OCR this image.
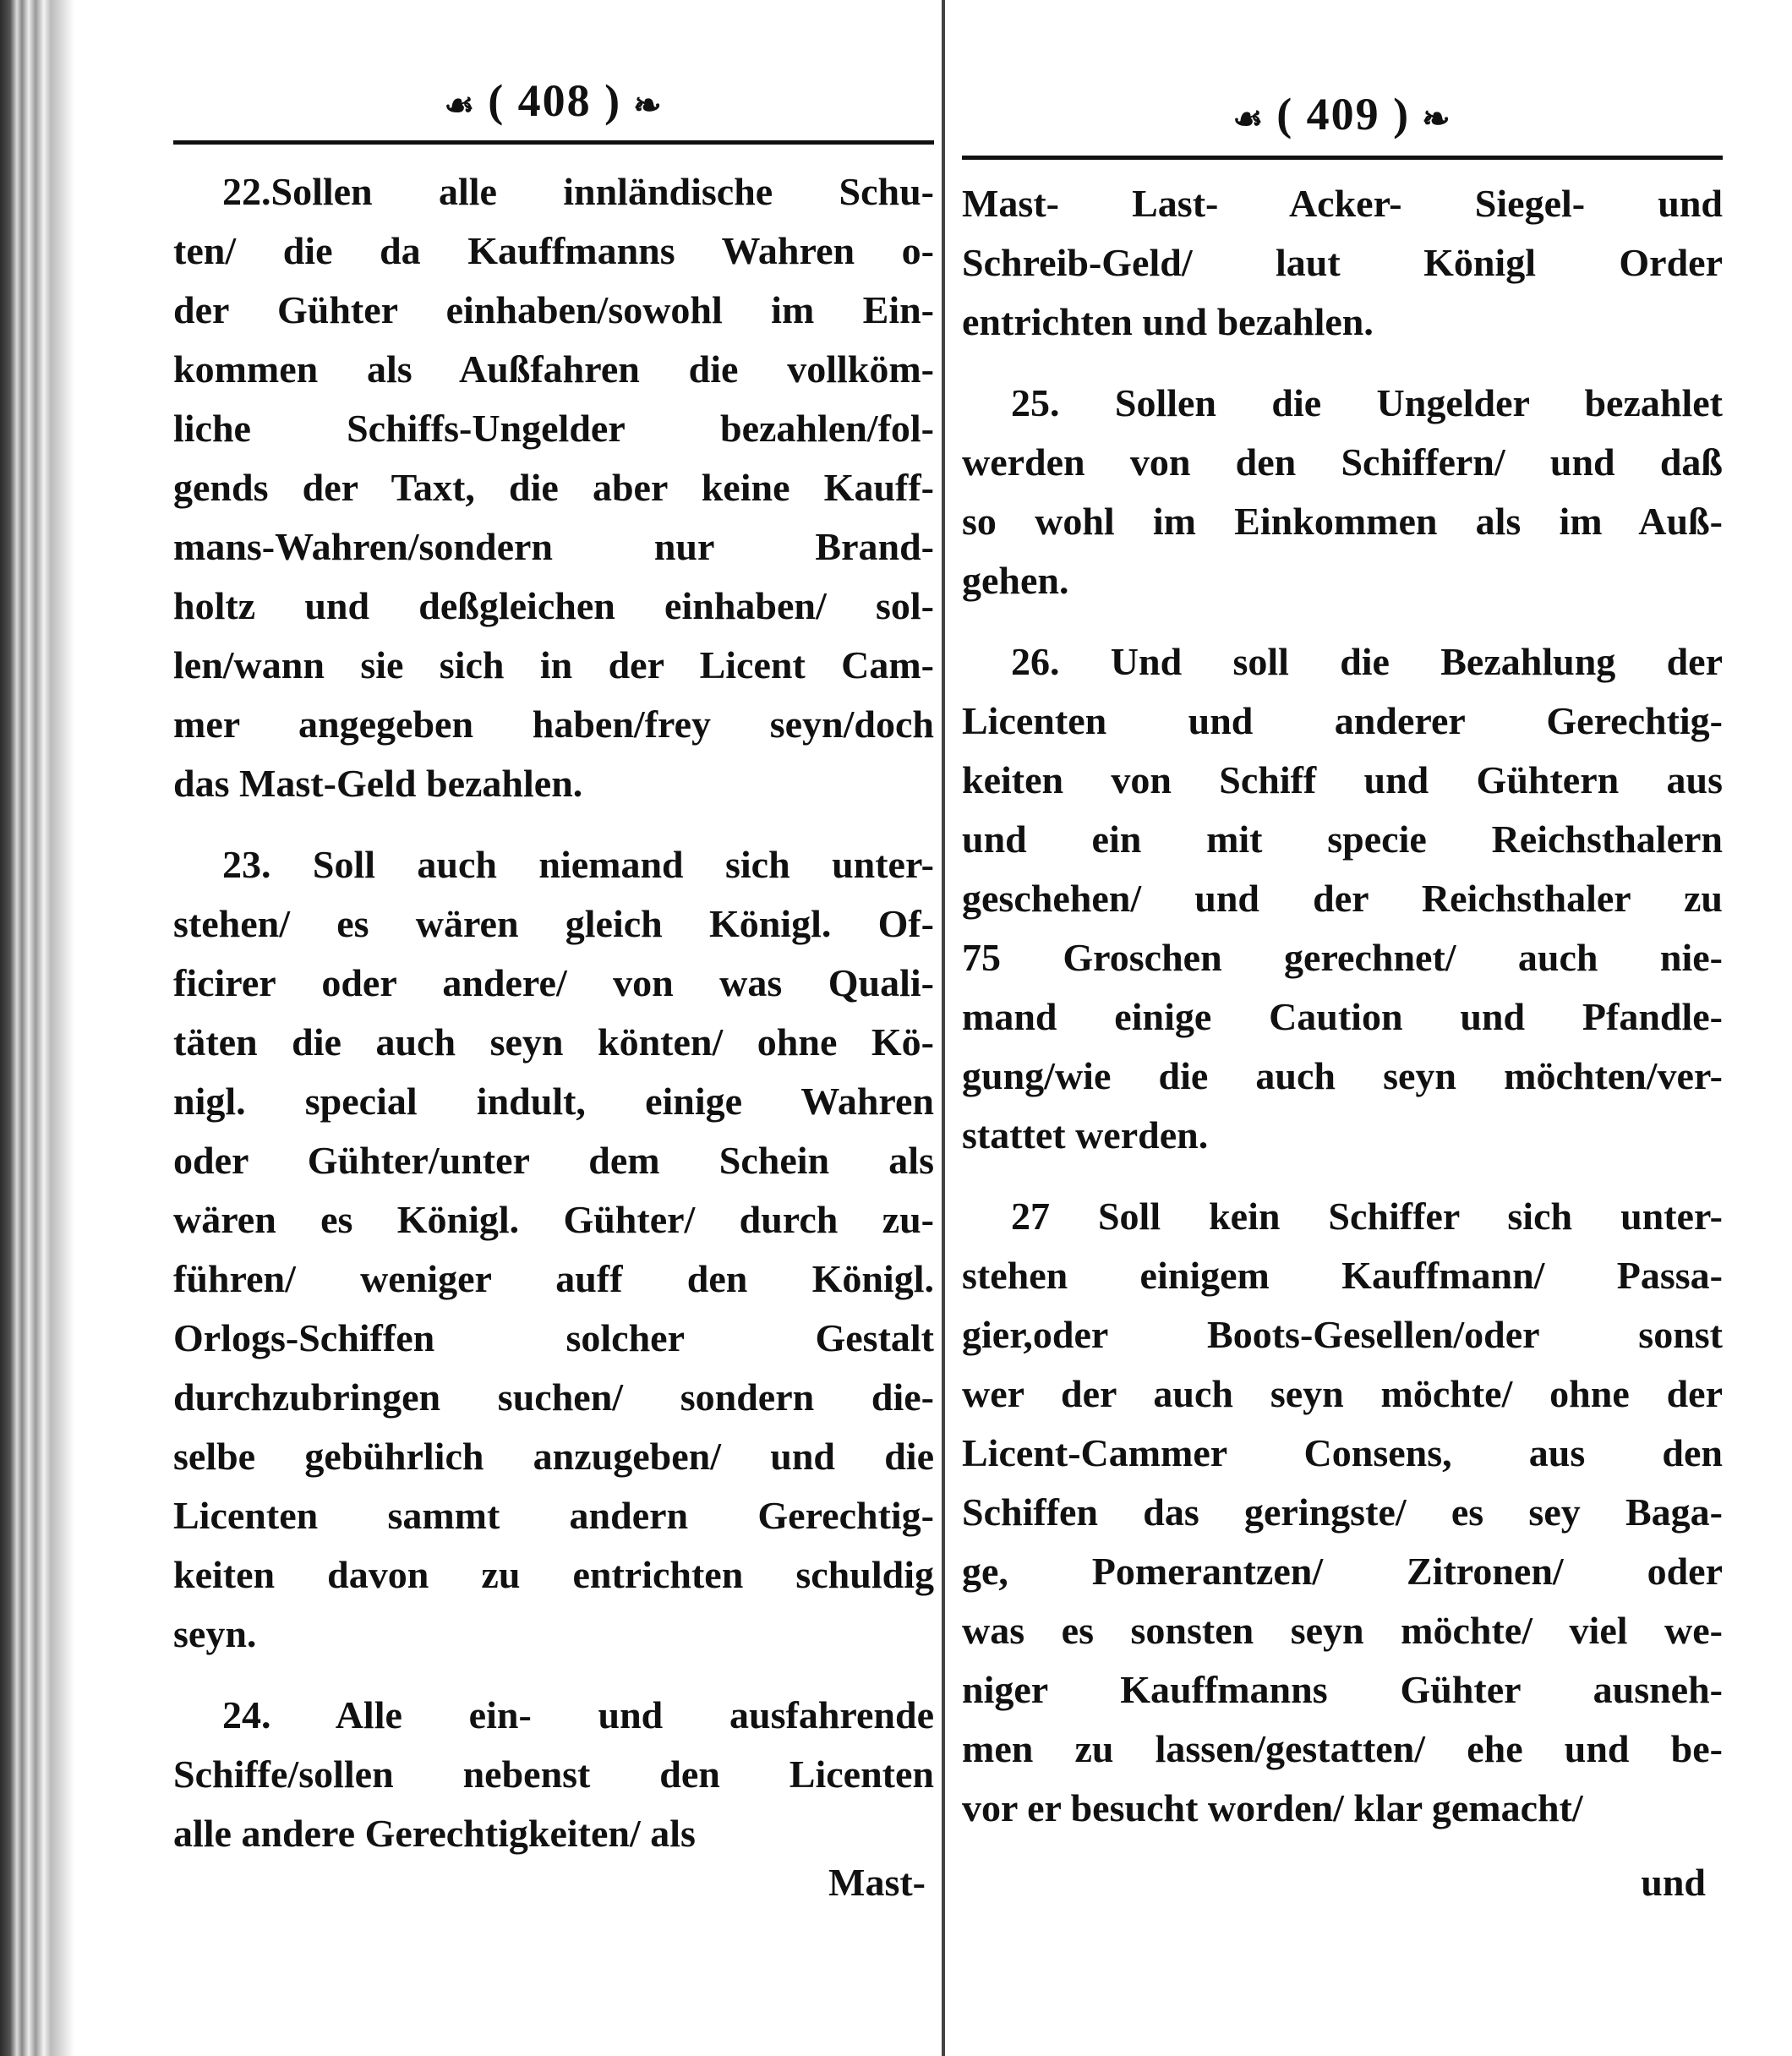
☙ ( 408 ) ❧
22.Sollen alle innländische Schu-
ten/ die da Kauffmanns Wahren o-
der Gühter einhaben/sowohl im Ein-
kommen als Außfahren die vollköm-
liche Schiffs-Ungelder bezahlen/fol-
gends der Taxt, die aber keine Kauff-
mans-Wahren/sondern nur Brand-
holtz und deßgleichen einhaben/ sol-
len/wann sie sich in der Licent Cam-
mer angegeben haben/frey seyn/doch
das Mast-Geld bezahlen.
23. Soll auch niemand sich unter-
stehen/ es wären gleich Königl. Of-
ficirer oder andere/ von was Quali-
täten die auch seyn könten/ ohne Kö-
nigl. special indult, einige Wahren
oder Gühter/unter dem Schein als
wären es Königl. Gühter/ durch zu-
führen/ weniger auff den Königl.
Orlogs-Schiffen solcher Gestalt
durchzubringen suchen/ sondern die-
selbe gebührlich anzugeben/ und die
Licenten sammt andern Gerechtig-
keiten davon zu entrichten schuldig
seyn.
24. Alle ein- und ausfahrende
Schiffe/sollen nebenst den Licenten
alle andere Gerechtigkeiten/ als
Mast-
☙ ( 409 ) ❧
Mast- Last- Acker- Siegel- und
Schreib-Geld/ laut Königl Order
entrichten und bezahlen.
25. Sollen die Ungelder bezahlet
werden von den Schiffern/ und daß
so wohl im Einkommen als im Auß-
gehen.
26. Und soll die Bezahlung der
Licenten und anderer Gerechtig-
keiten von Schiff und Gühtern aus
und ein mit specie Reichsthalern
geschehen/ und der Reichsthaler zu
75 Groschen gerechnet/ auch nie-
mand einige Caution und Pfandle-
gung/wie die auch seyn möchten/ver-
stattet werden.
27 Soll kein Schiffer sich unter-
stehen einigem Kauffmann/ Passa-
gier,oder Boots-Gesellen/oder sonst
wer der auch seyn möchte/ ohne der
Licent-Cammer Consens, aus den
Schiffen das geringste/ es sey Baga-
ge, Pomerantzen/ Zitronen/ oder
was es sonsten seyn möchte/ viel we-
niger Kauffmanns Gühter ausneh-
men zu lassen/gestatten/ ehe und be-
vor er besucht worden/ klar gemacht/
und
